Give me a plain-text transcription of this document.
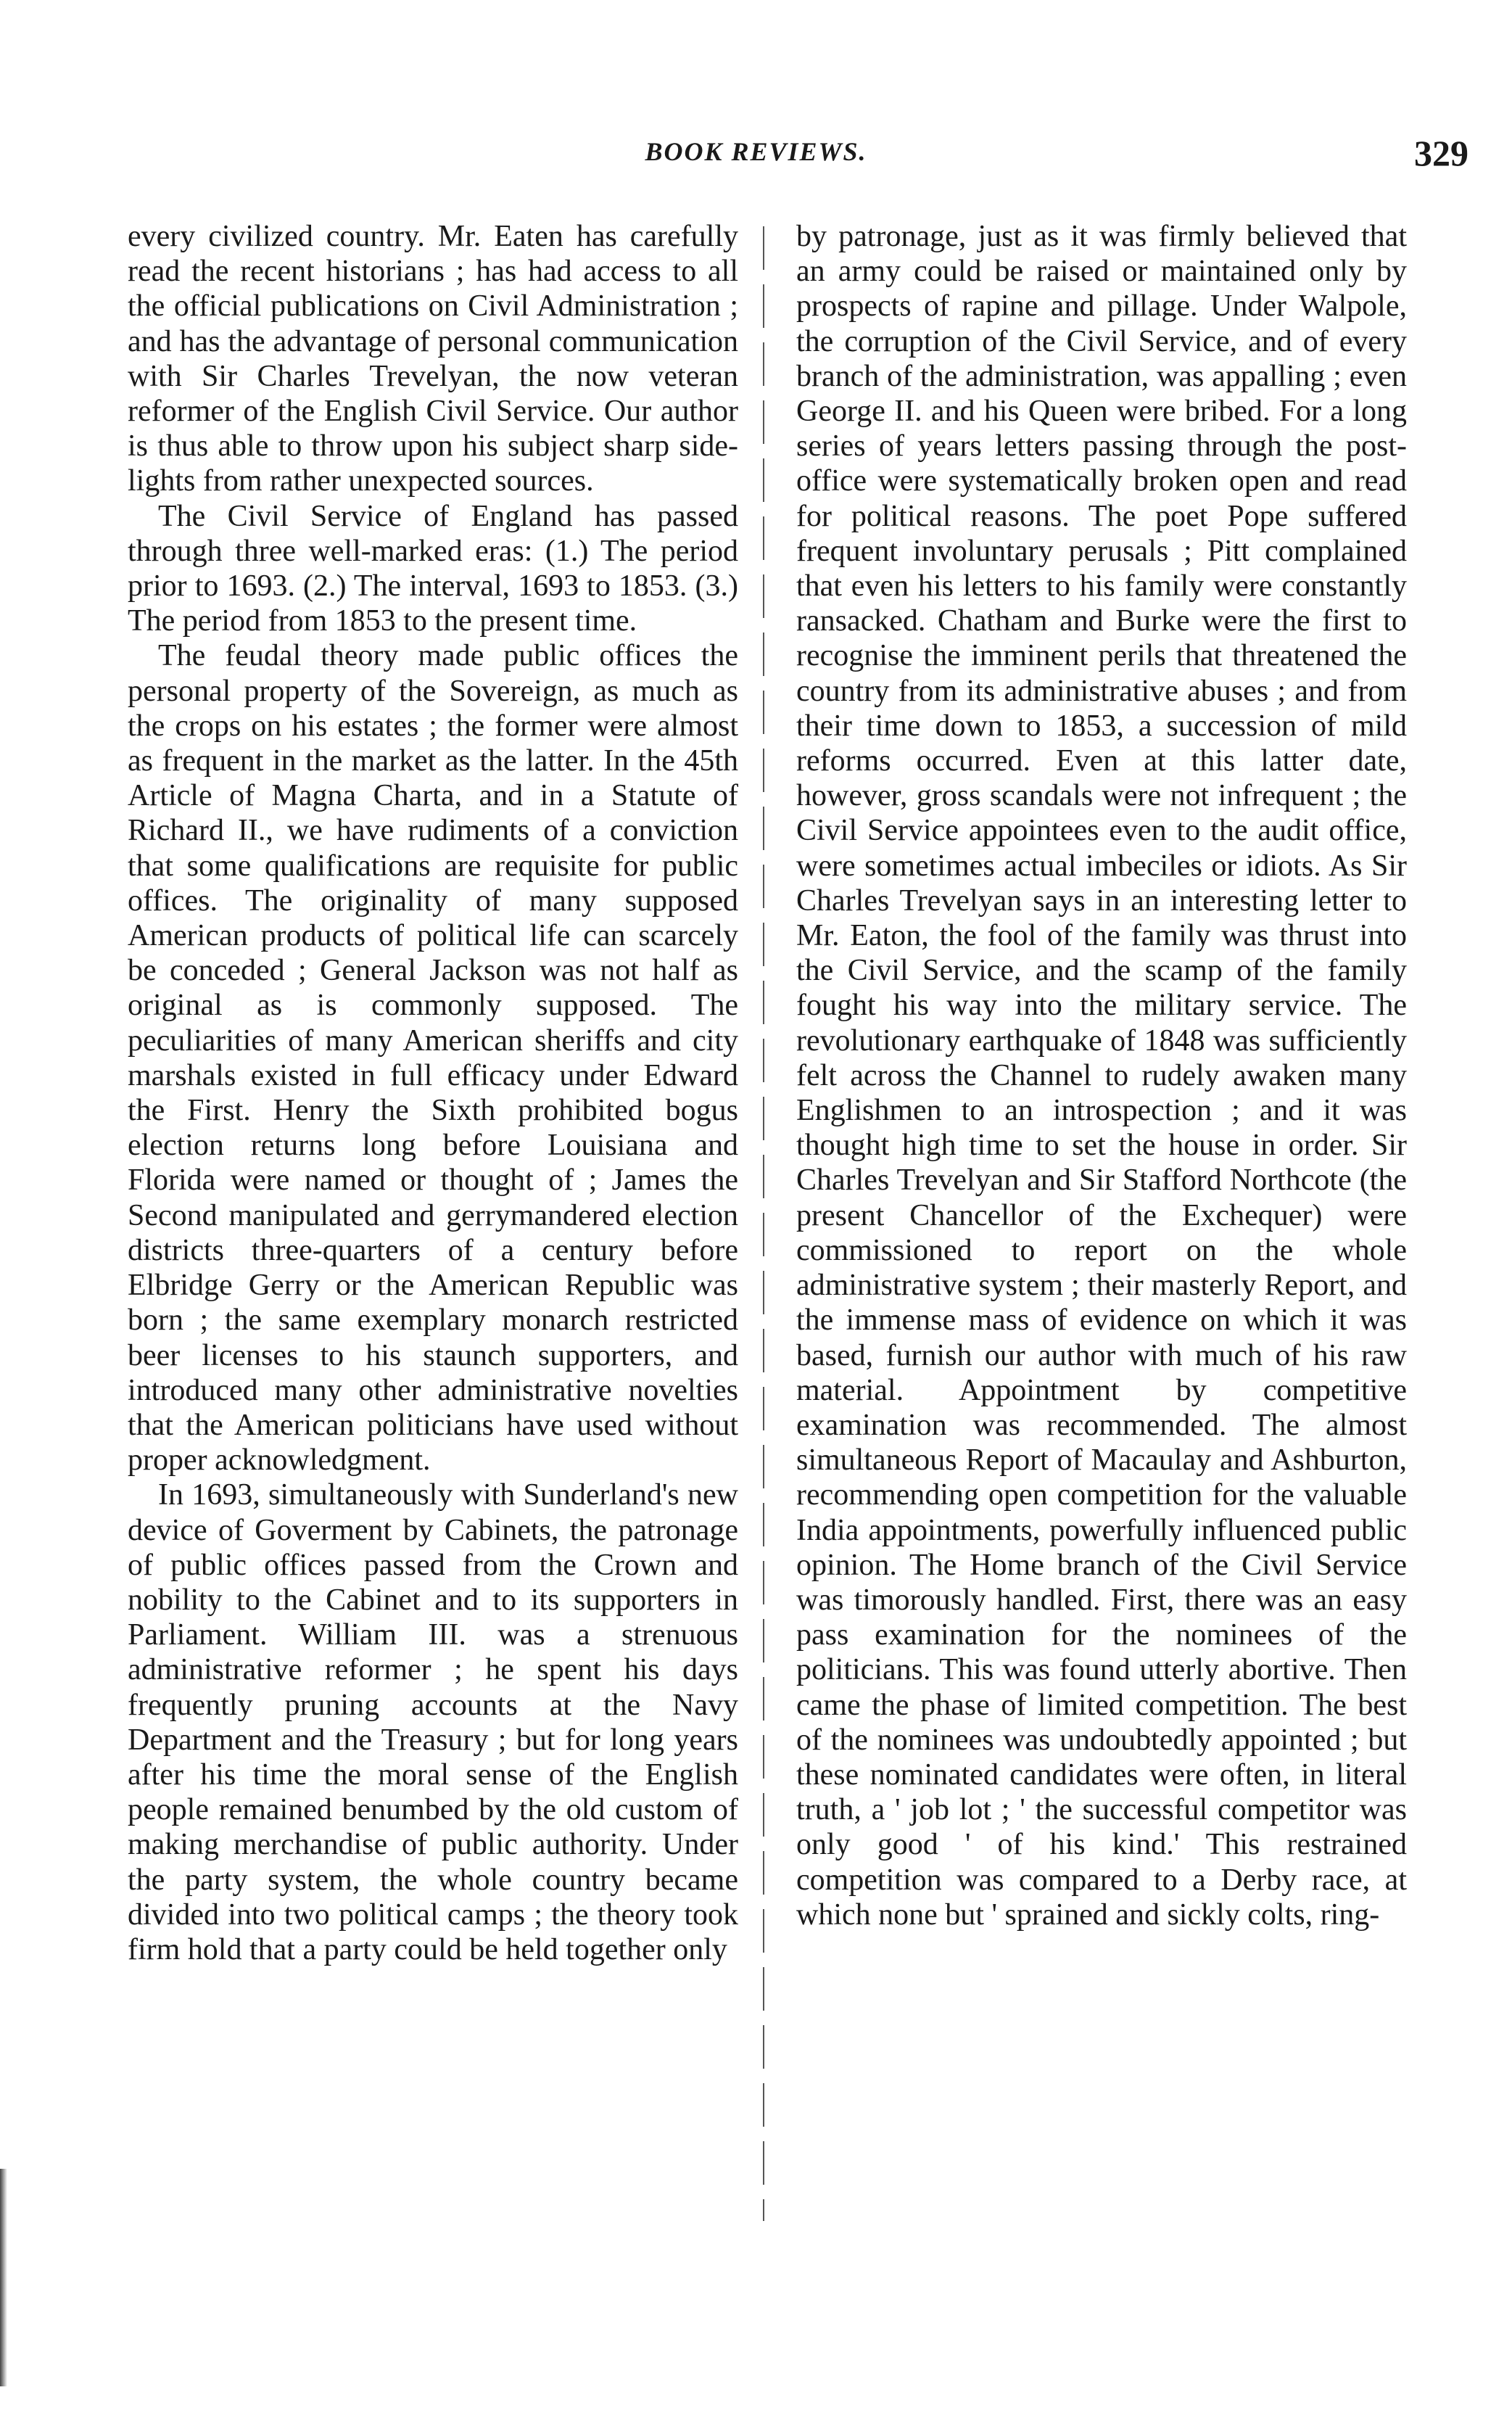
BOOK REVIEWS.	329

every civilized country. Mr. Eaten has carefully read the recent historians ; has had access to all the official publications on Civil Administration ; and has the advantage of personal communication with Sir Charles Trevelyan, the now veteran reformer of the English Civil Service. Our author is thus able to throw upon his subject sharp side-lights from rather unexpected sources.

The Civil Service of England has passed through three well-marked eras: (1.) The period prior to 1693. (2.) The interval, 1693 to 1853. (3.) The period from 1853 to the present time.

The feudal theory made public offices the personal property of the Sovereign, as much as the crops on his estates ; the former were almost as frequent in the market as the latter. In the 45th Article of Magna Charta, and in a Statute of Richard II., we have rudiments of a conviction that some qualifications are requisite for public offices. The originality of many supposed American products of political life can scarcely be conceded ; General Jackson was not half as original as is commonly supposed. The peculiarities of many American sheriffs and city marshals existed in full efficacy under Edward the First. Henry the Sixth prohibited bogus election returns long before Louisiana and Florida were named or thought of ; James the Second manipulated and gerrymandered election districts three-quarters of a century before Elbridge Gerry or the American Republic was born ; the same exemplary monarch restricted beer licenses to his staunch supporters, and introduced many other administrative novelties that the American politicians have used without proper acknowledgment.

In 1693, simultaneously with Sunderland's new device of Goverment by Cabinets, the patronage of public offices passed from the Crown and nobility to the Cabinet and to its supporters in Parliament. William III. was a strenuous administrative reformer ; he spent his days frequently pruning accounts at the Navy Department and the Treasury ; but for long years after his time the moral sense of the English people remained benumbed by the old custom of making merchandise of public authority. Under the party system, the whole country became divided into two political camps ; the theory took firm hold that a party could be held together only

by patronage, just as it was firmly believed that an army could be raised or maintained only by prospects of rapine and pillage. Under Walpole, the corruption of the Civil Service, and of every branch of the administration, was appalling ; even George II. and his Queen were bribed. For a long series of years letters passing through the post-office were systematically broken open and read for political reasons. The poet Pope suffered frequent involuntary perusals ; Pitt complained that even his letters to his family were constantly ransacked. Chatham and Burke were the first to recognise the imminent perils that threatened the country from its administrative abuses ; and from their time down to 1853, a succession of mild reforms occurred. Even at this latter date, however, gross scandals were not infrequent ; the Civil Service appointees even to the audit office, were sometimes actual imbeciles or idiots. As Sir Charles Trevelyan says in an interesting letter to Mr. Eaton, the fool of the family was thrust into the Civil Service, and the scamp of the family fought his way into the military service. The revolutionary earthquake of 1848 was sufficiently felt across the Channel to rudely awaken many Englishmen to an introspection ; and it was thought high time to set the house in order. Sir Charles Trevelyan and Sir Stafford Northcote (the present Chancellor of the Exchequer) were commissioned to report on the whole administrative system ; their masterly Report, and the immense mass of evidence on which it was based, furnish our author with much of his raw material. Appointment by competitive examination was recommended. The almost simultaneous Report of Macaulay and Ashburton, recommending open competition for the valuable India appointments, powerfully influenced public opinion. The Home branch of the Civil Service was timorously handled. First, there was an easy pass examination for the nominees of the politicians. This was found utterly abortive. Then came the phase of limited competition. The best of the nominees was undoubtedly appointed ; but these nominated candidates were often, in literal truth, a ' job lot ; ' the successful competitor was only good ' of his kind.' This restrained competition was compared to a Derby race, at which none but ' sprained and sickly colts, ring-
